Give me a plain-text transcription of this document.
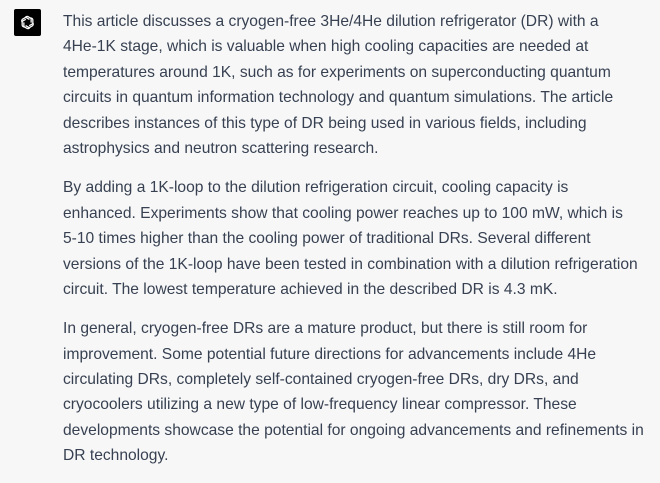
This article discusses a cryogen-free 3He/4He dilution refrigerator (DR) with a
4He-1K stage, which is valuable when high cooling capacities are needed at
temperatures around 1K, such as for experiments on superconducting quantum
circuits in quantum information technology and quantum simulations. The article
describes instances of this type of DR being used in various fields, including
astrophysics and neutron scattering research.

By adding a 1K-loop to the dilution refrigeration circuit, cooling capacity is
enhanced. Experiments show that cooling power reaches up to 100 mW, which is
5-10 times higher than the cooling power of traditional DRs. Several different
versions of the 1K-loop have been tested in combination with a dilution refrigeration
circuit. The lowest temperature achieved in the described DR is 4.3 mK.

In general, cryogen-free DRs are a mature product, but there is still room for
improvement. Some potential future directions for advancements include 4He
circulating DRs, completely self-contained cryogen-free DRs, dry DRs, and
cryocoolers utilizing a new type of low-frequency linear compressor. These
developments showcase the potential for ongoing advancements and refinements in
DR technology.
